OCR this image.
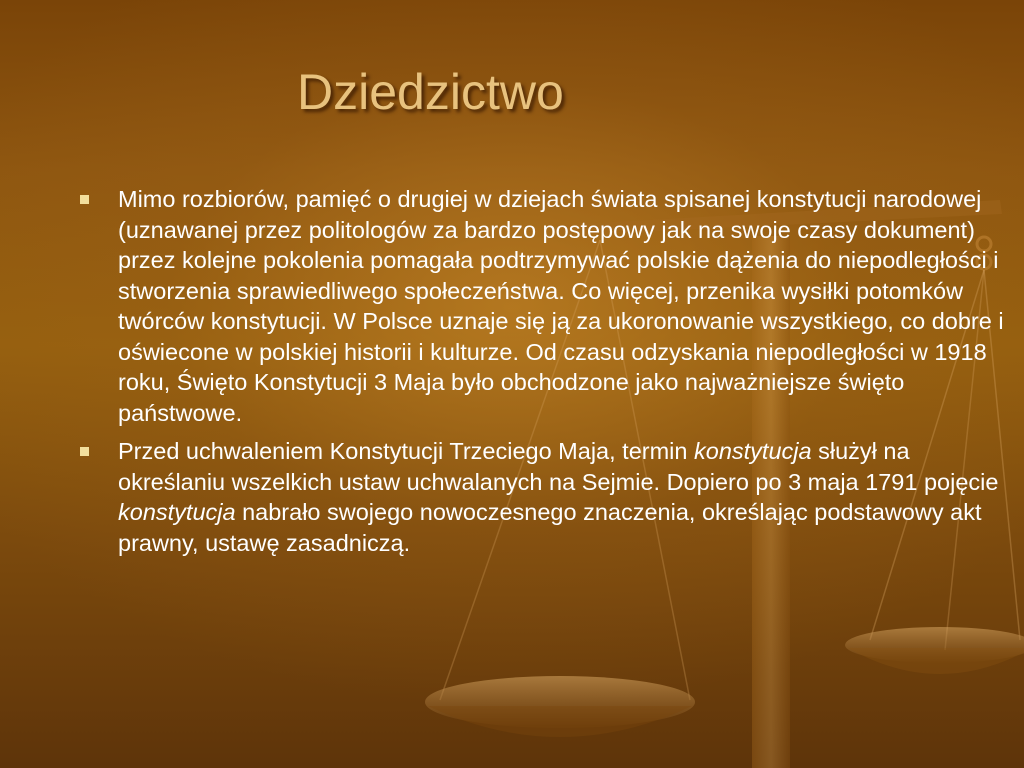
Dziedzictwo
Mimo rozbiorów, pamięć o drugiej w dziejach świata spisanej konstytucji narodowej (uznawanej przez politologów za bardzo postępowy jak na swoje czasy dokument) przez kolejne pokolenia pomagała podtrzymywać polskie dążenia do niepodległości i stworzenia sprawiedliwego społeczeństwa. Co więcej, przenika wysiłki potomków twórców konstytucji. W Polsce uznaje się ją za ukoronowanie wszystkiego, co dobre i oświecone w polskiej historii i kulturze. Od czasu odzyskania niepodległości w 1918 roku, Święto Konstytucji 3 Maja było obchodzone jako najważniejsze święto państwowe.
Przed uchwaleniem Konstytucji Trzeciego Maja, termin konstytucja służył na określaniu wszelkich ustaw uchwalanych na Sejmie. Dopiero po 3 maja 1791 pojęcie konstytucja nabrało swojego nowoczesnego znaczenia, określając podstawowy akt prawny, ustawę zasadniczą.
